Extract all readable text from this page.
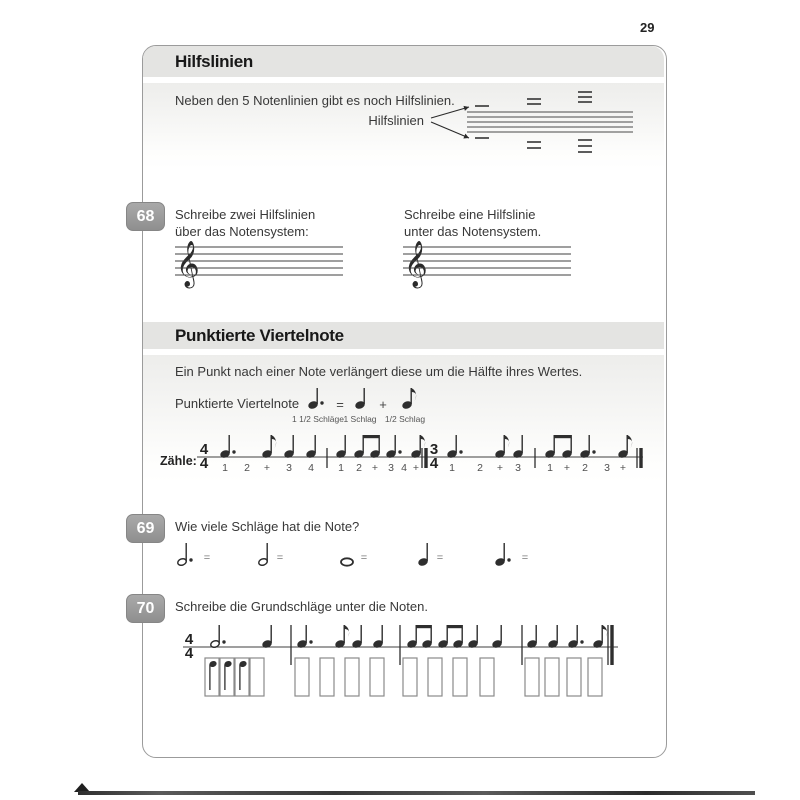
29
Hilfslinien
Neben den 5 Notenlinien gibt es noch Hilfslinien.
Hilfslinien
68	Schreibe zwei Hilfslinien
über das Notensystem:
Schreibe eine Hilfslinie
unter das Notensystem.
𝄞	𝄞
Punktierte Viertelnote
Ein Punkt nach einer Note verlängert diese um die Hälfte ihres Wertes.
Punktierte Viertelnote	=	+
1 1/2 Schläge 1 Schlag 1/2 Schlag
Zähle:
4
4 1 2 + 3 4 1 2 + 3 4 +
3
4 1 2 + 3 1 + 2 3 +
69	Wie viele Schläge hat die Note?
=	=	=	=	=
70	Schreibe die Grundschläge unter die Noten.
4
4
